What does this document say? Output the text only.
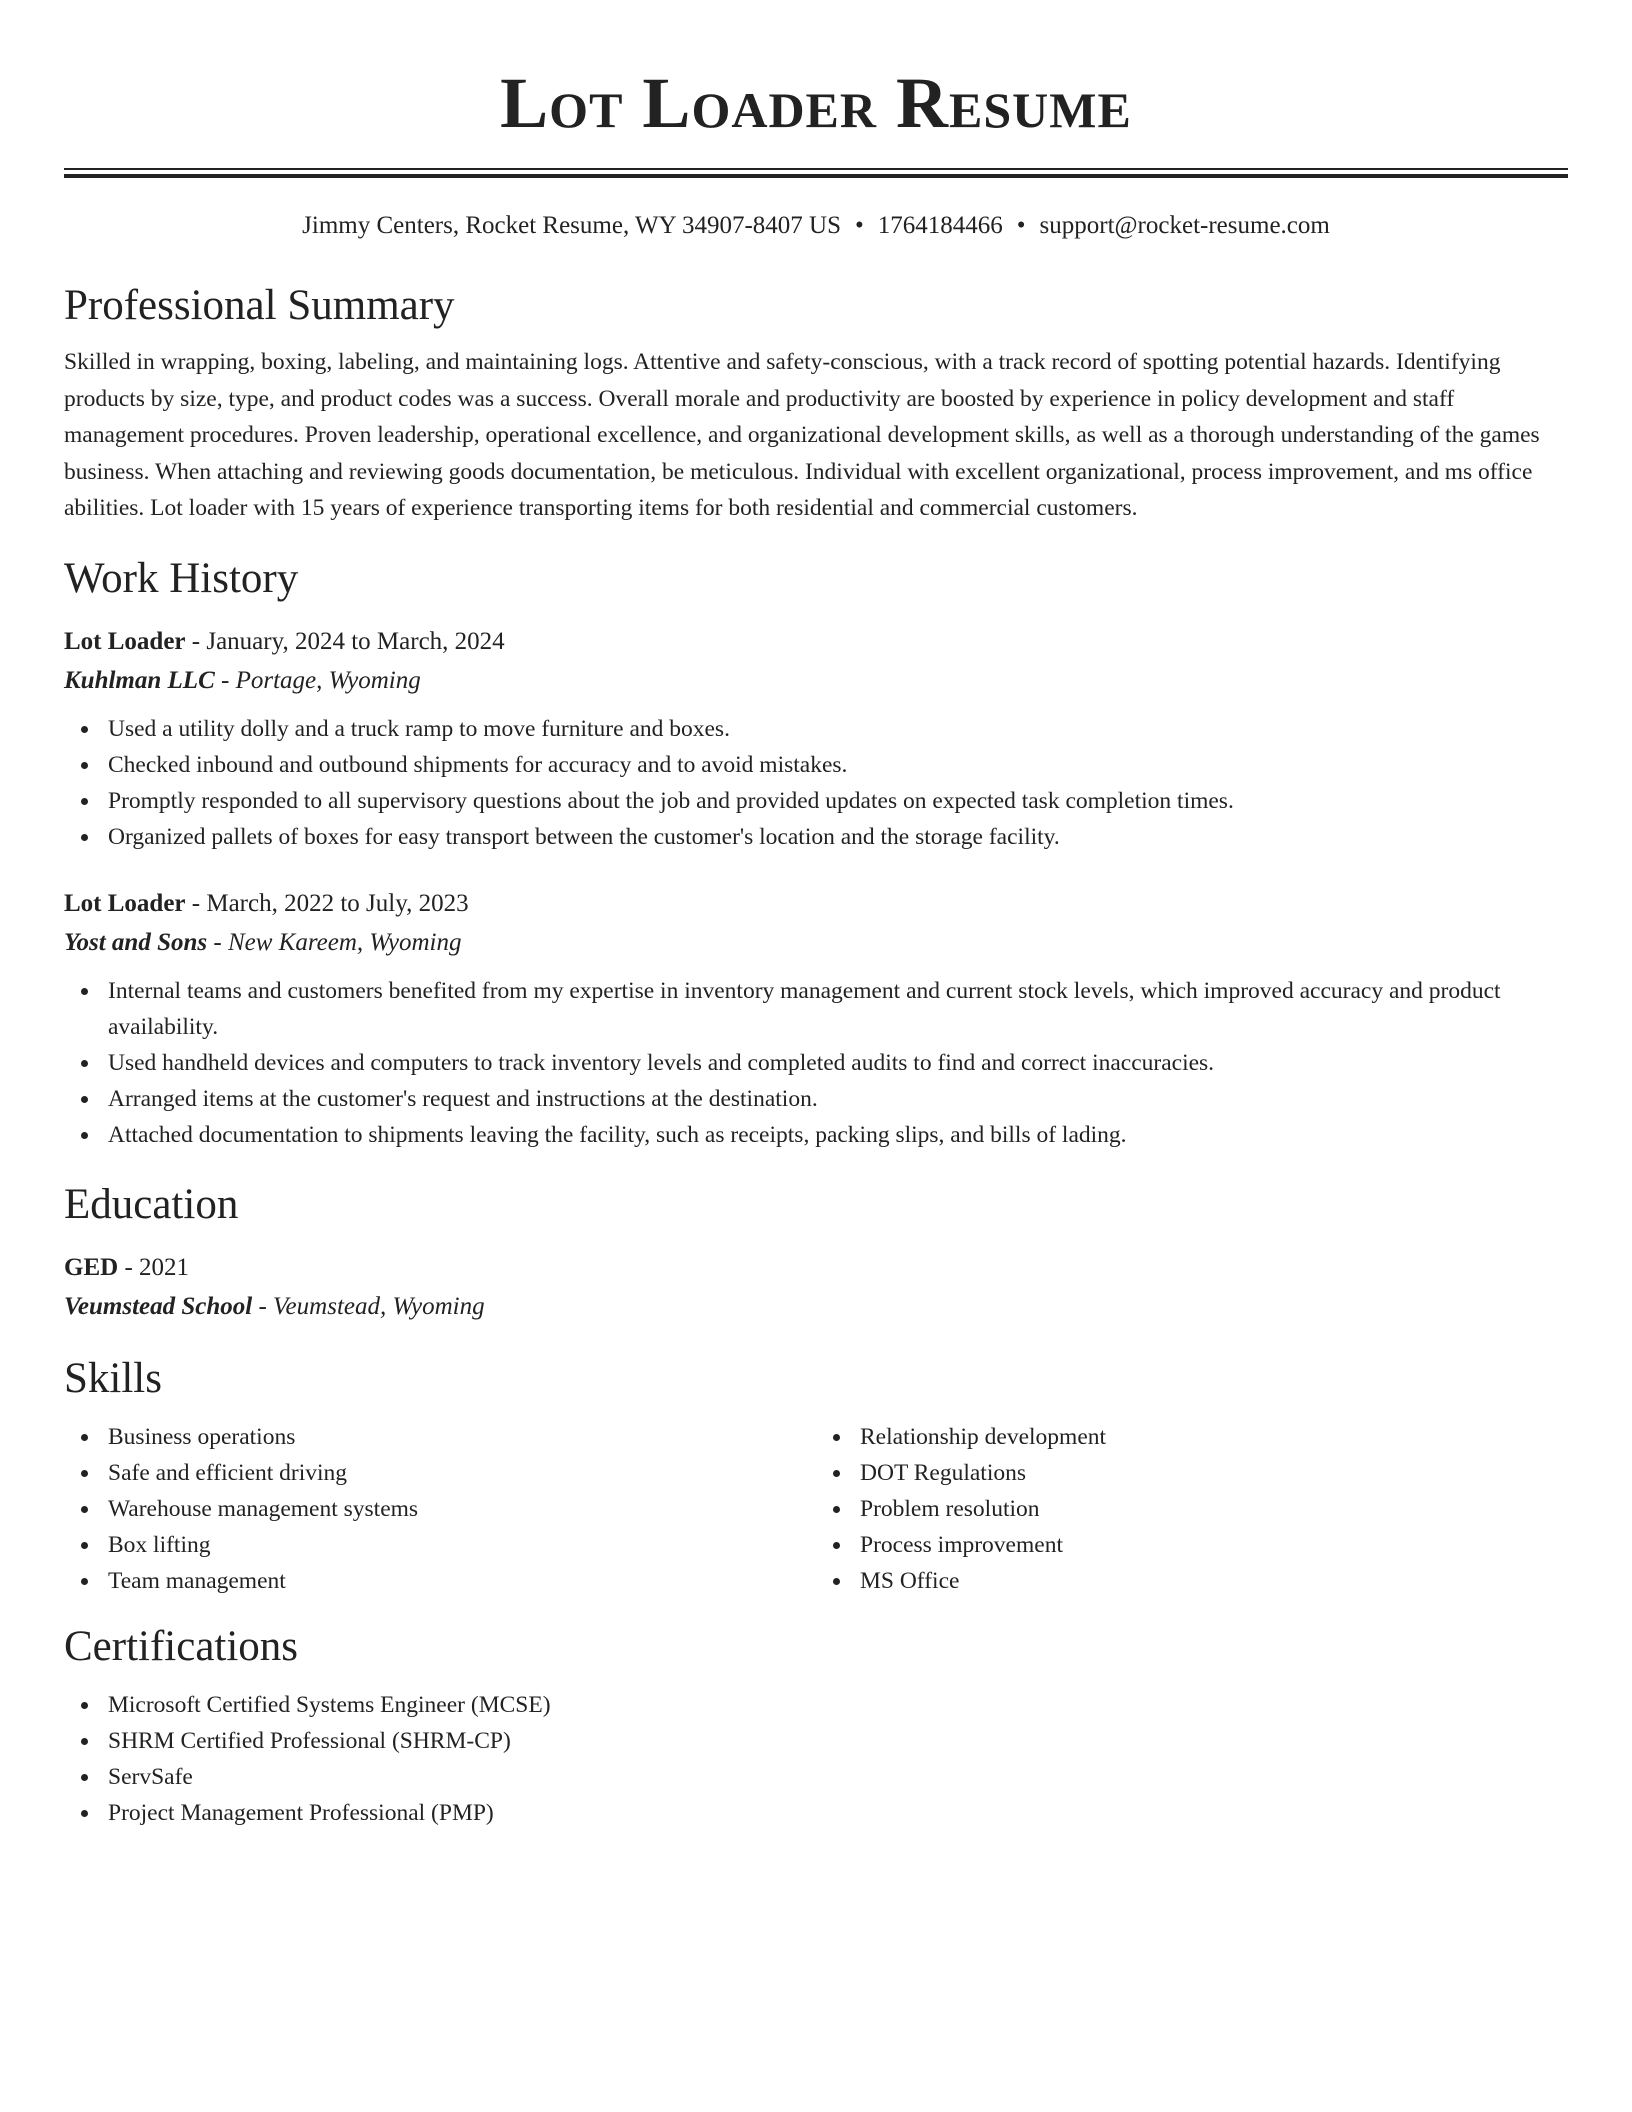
Lot Loader Resume
Jimmy Centers, Rocket Resume, WY 34907-8407 US • 1764184466 • support@rocket-resume.com
Professional Summary

Skilled in wrapping, boxing, labeling, and maintaining logs. Attentive and safety-conscious, with a track record of spotting potential hazards. Identifying products by size, type, and product codes was a success. Overall morale and productivity are boosted by experience in policy development and staff management procedures. Proven leadership, operational excellence, and organizational development skills, as well as a thorough understanding of the games business. When attaching and reviewing goods documentation, be meticulous. Individual with excellent organizational, process improvement, and ms office abilities. Lot loader with 15 years of experience transporting items for both residential and commercial customers.

Work History
Lot Loader - January, 2024 to March, 2024
Kuhlman LLC - Portage, Wyoming
Used a utility dolly and a truck ramp to move furniture and boxes.
Checked inbound and outbound shipments for accuracy and to avoid mistakes.
Promptly responded to all supervisory questions about the job and provided updates on expected task completion times.
Organized pallets of boxes for easy transport between the customer's location and the storage facility.
Lot Loader - March, 2022 to July, 2023
Yost and Sons - New Kareem, Wyoming
Internal teams and customers benefited from my expertise in inventory management and current stock levels, which improved accuracy and product availability.
Used handheld devices and computers to track inventory levels and completed audits to find and correct inaccuracies.
Arranged items at the customer's request and instructions at the destination.
Attached documentation to shipments leaving the facility, such as receipts, packing slips, and bills of lading.
Education
GED - 2021
Veumstead School - Veumstead, Wyoming
Skills
Business operations
Safe and efficient driving
Warehouse management systems
Box lifting
Team management
Relationship development
DOT Regulations
Problem resolution
Process improvement
MS Office
Certifications
Microsoft Certified Systems Engineer (MCSE)
SHRM Certified Professional (SHRM-CP)
ServSafe
Project Management Professional (PMP)
